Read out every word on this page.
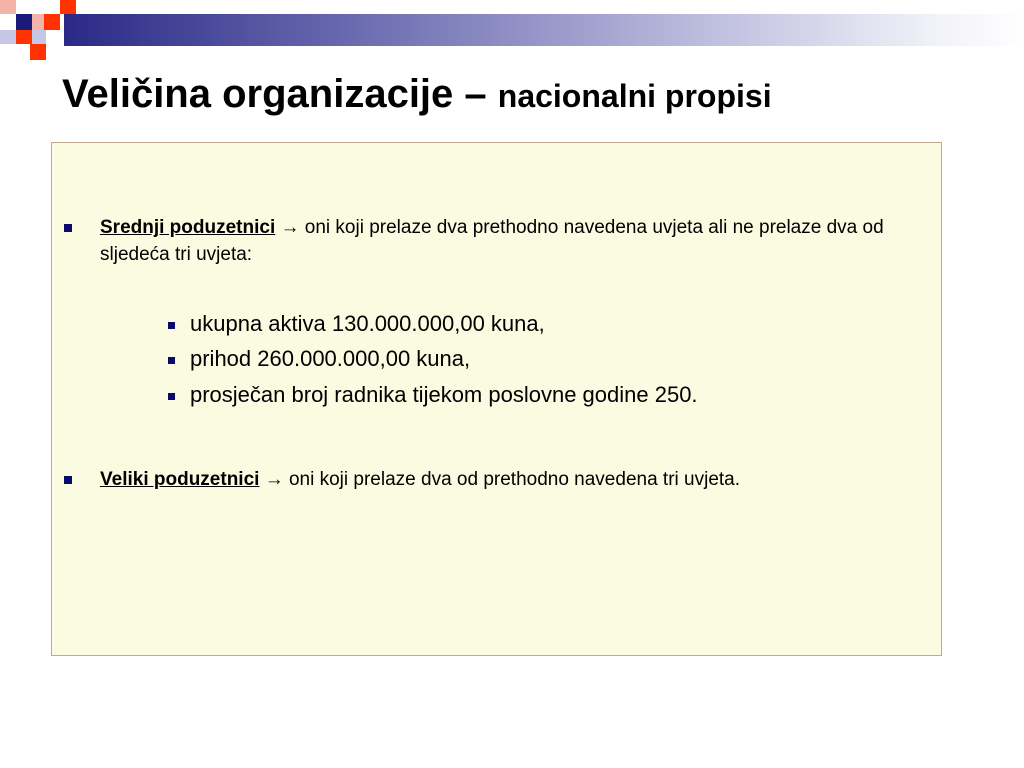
Veličina organizacije – nacionalni propisi
Srednji poduzetnici → oni koji prelaze dva prethodno navedena uvjeta ali ne prelaze dva od sljedeća tri uvjeta:
ukupna aktiva 130.000.000,00 kuna,
prihod 260.000.000,00 kuna,
prosječan broj radnika tijekom poslovne godine 250.
Veliki poduzetnici → oni koji prelaze dva od prethodno navedena tri uvjeta.
